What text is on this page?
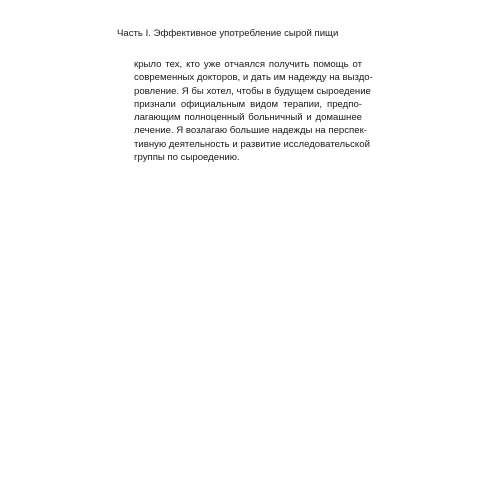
Часть I. Эффективное употребление сырой пищи
крыло тех, кто уже отчаялся получить помощь от
современных докторов, и дать им надежду на выздо-
ровление. Я бы хотел, чтобы в будущем сыроедение
признали официальным видом терапии, предпо-
лагающим полноценный больничный и домашнее
лечение. Я возлагаю большие надежды на перспек-
тивную деятельность и развитие исследовательской
группы по сыроедению.
